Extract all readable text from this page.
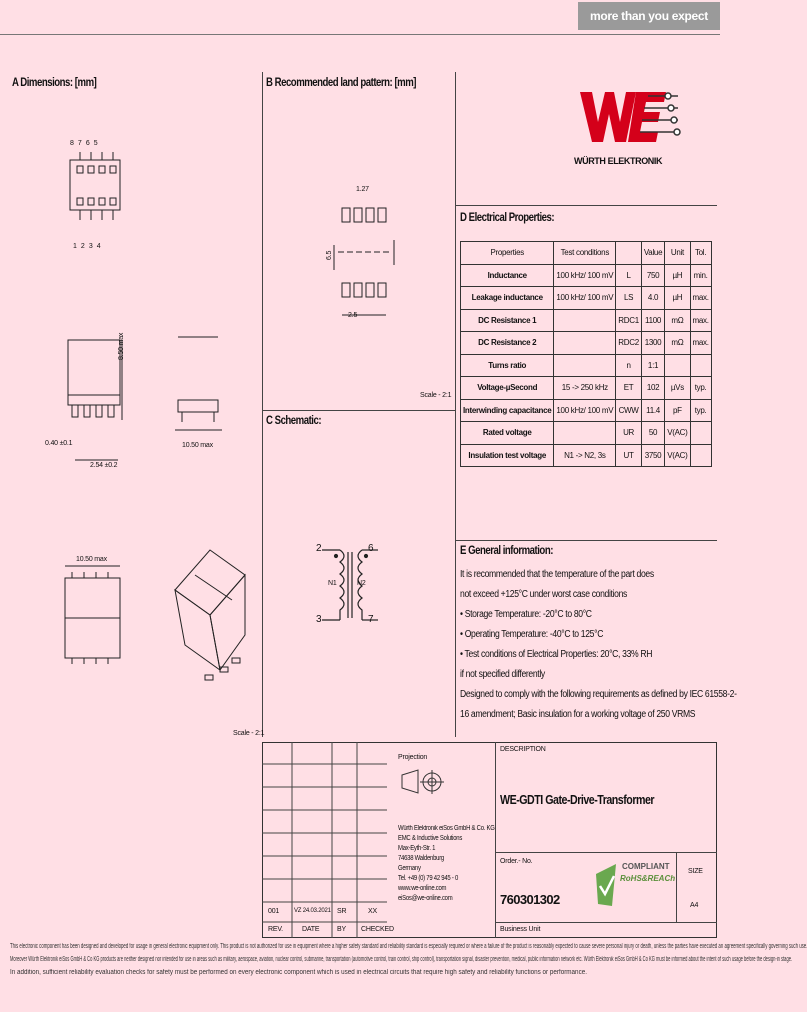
more than you expect
A Dimensions: [mm]	B Recommended land pattern: [mm]
C Schematic:
D Electrical Properties:
E General information:
WÜRTH ELEKTRONIK
8765
1234
0.40 ±0.1
2.54 ±0.2
10.50 max
10.50 max
8.50 max
Scale - 2:1
1.27
2.5
6.5
Scale - 2:1
2	6
3	7
N1	N2
Properties	Test conditions		Value	Unit	Tol.
Inductance	100 kHz/ 100 mV	L	750	µH	min.
Leakage inductance	100 kHz/ 100 mV	LS	4.0	µH	max.
DC Resistance 1		RDC1	1100	mΩ	max.
DC Resistance 2		RDC2	1300	mΩ	max.
Turns ratio		n	1:1		
Voltage-µSecond	15 -> 250 kHz	ET	102	µVs	typ.
Interwinding capacitance	100 kHz/ 100 mV	CWW	11.4	pF	typ.
Rated voltage		UR	50	V(AC)	
Insulation test voltage	N1 -> N2, 3s	UT	3750	V(AC)	
It is recommended that the temperature of the part does
not exceed +125°C under worst case conditions
• Storage Temperature: -20°C to 80°C
• Operating Temperature: -40°C to 125°C
• Test conditions of Electrical Properties: 20°C, 33% RH
if not specified differently
Designed to comply with the following requirements as defined by IEC 61558-2-
16 amendment; Basic insulation for a working voltage of 250 VRMS
001 VZ 24.03.2021 SR	XX
REV.	DATE	BY CHECKED
Projection
Würth Elektronik eiSos GmbH & Co. KG
EMC & Inductive Solutions
Max-Eyth-Str. 1
74638 Waldenburg
Germany
Tel. +49 (0) 79 42 945 - 0
www.we-online.com
eiSos@we-online.com
DESCRIPTION
WE-GDTI Gate-Drive-Transformer
Order.- No.
760301302
COMPLIANT
RoHS&REACh
SIZE
A4
Business Unit
This electronic component has been designed and developed for usage in general electronic equipment only. This product is not authorized for use in equipment where a higher safety standard and reliability standard is especially required or where a failure of the product is reasonably expected to cause severe personal injury or death, unless the parties have executed an agreement specifically governing such use.
Moreover Würth Elektronik eiSos GmbH & Co KG products are neither designed nor intended for use in areas such as military, aerospace, aviation, nuclear control, submarine, transportation (automotive control, train control, ship control), transportation signal, disaster prevention, medical, public information network etc. Würth Elektronik eiSos GmbH & Co KG must be informed about the intent of such usage before the design-in stage.
In addition, sufficient reliability evaluation checks for safety must be performed on every electronic component which is used in electrical circuits that require high safety and reliability functions or performance.
